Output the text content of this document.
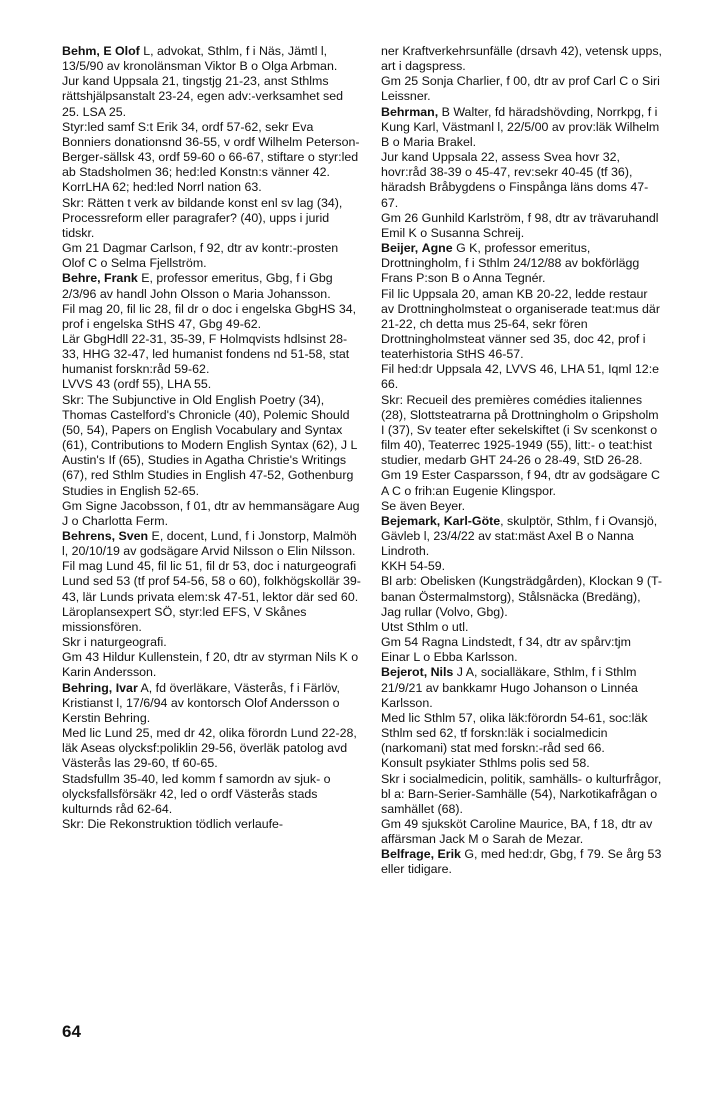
Behm, E Olof L, advokat, Sthlm, f i Näs, Jämtl l, 13/5/90 av kronolänsman Viktor B o Olga Arbman.

Jur kand Uppsala 21, tingstjg 21-23, anst Sthlms rättshjälpsanstalt 23-24, egen adv:-verksamhet sed 25. LSA 25.

Styr:led samf S:t Erik 34, ordf 57-62, sekr Eva Bonniers donationsnd 36-55, v ordf Wilhelm Peterson-Berger-sällsk 43, ordf 59-60 o 66-67, stiftare o styr:led ab Stadsholmen 36; hed:led Konstn:s vänner 42. KorrLHA 62; hed:led Norrl nation 63.

Skr: Rätten t verk av bildande konst enl sv lag (34), Processreform eller paragrafer? (40), upps i jurid tidskr.

Gm 21 Dagmar Carlson, f 92, dtr av kontr:-prosten Olof C o Selma Fjellström.

Behre, Frank E, professor emeritus, Gbg, f i Gbg 2/3/96 av handl John Olsson o Maria Johansson.

Fil mag 20, fil lic 28, fil dr o doc i engelska GbgHS 34, prof i engelska StHS 47, Gbg 49-62.

Lär GbgHdll 22-31, 35-39, F Holmqvists hdlsinst 28-33, HHG 32-47, led humanist fondens nd 51-58, stat humanist forskn:råd 59-62.

LVVS 43 (ordf 55), LHA 55.

Skr: The Subjunctive in Old English Poetry (34), Thomas Castelford's Chronicle (40), Polemic Should (50, 54), Papers on English Vocabulary and Syntax (61), Contributions to Modern English Syntax (62), J L Austin's If (65), Studies in Agatha Christie's Writings (67), red Sthlm Studies in English 47-52, Gothenburg Studies in English 52-65.

Gm Signe Jacobsson, f 01, dtr av hemmansägare Aug J o Charlotta Ferm.

Behrens, Sven E, docent, Lund, f i Jonstorp, Malmöh l, 20/10/19 av godsägare Arvid Nilsson o Elin Nilsson.

Fil mag Lund 45, fil lic 51, fil dr 53, doc i naturgeografi Lund sed 53 (tf prof 54-56, 58 o 60), folkhögskollär 39-43, lär Lunds privata elem:sk 47-51, lektor där sed 60. Läroplansexpert SÖ, styr:led EFS, V Skånes missionsfören.

Skr i naturgeografi.

Gm 43 Hildur Kullenstein, f 20, dtr av styrman Nils K o Karin Andersson.

Behring, Ivar A, fd överläkare, Västerås, f i Färlöv, Kristianst l, 17/6/94 av kontorsch Olof Andersson o Kerstin Behring.

Med lic Lund 25, med dr 42, olika förordn Lund 22-28, läk Aseas olycksf:poliklin 29-56, överläk patolog avd Västerås las 29-60, tf 60-65.

Stadsfullm 35-40, led komm f samordn av sjuk- o olycksfallsförsäkr 42, led o ordf Västerås stads kulturnds råd 62-64.

Skr: Die Rekonstruktion tödlich verlaufe-

ner Kraftverkehrsunfälle (drsavh 42), vetensk upps, art i dagspress.

Gm 25 Sonja Charlier, f 00, dtr av prof Carl C o Siri Leissner.

Behrman, B Walter, fd häradshövding, Norrkpg, f i Kung Karl, Västmanl l, 22/5/00 av prov:läk Wilhelm B o Maria Brakel.

Jur kand Uppsala 22, assess Svea hovr 32, hovr:råd 38-39 o 45-47, rev:sekr 40-45 (tf 36), häradsh Bråbygdens o Finspånga läns doms 47-67.

Gm 26 Gunhild Karlström, f 98, dtr av trävaruhandl Emil K o Susanna Schreij.

Beijer, Agne G K, professor emeritus, Drottningholm, f i Sthlm 24/12/88 av bokförlägg Frans P:son B o Anna Tegnér.

Fil lic Uppsala 20, aman KB 20-22, ledde restaur av Drottningholmsteat o organiserade teat:mus där 21-22, ch detta mus 25-64, sekr fören Drottningholmsteat vänner sed 35, doc 42, prof i teaterhistoria StHS 46-57.

Fil hed:dr Uppsala 42, LVVS 46, LHA 51, Iqml 12:e 66.

Skr: Recueil des premières comédies italiennes (28), Slottsteatrarna på Drottningholm o Gripsholm I (37), Sv teater efter sekelskiftet (i Sv scenkonst o film 40), Teaterrec 1925-1949 (55), litt:- o teat:hist studier, medarb GHT 24-26 o 28-49, StD 26-28.

Gm 19 Ester Casparsson, f 94, dtr av godsägare C A C o frih:an Eugenie Klingspor.

Se även Beyer.

Bejemark, Karl-Göte, skulptör, Sthlm, f i Ovansjö, Gävleb l, 23/4/22 av stat:mäst Axel B o Nanna Lindroth.

KKH 54-59.

Bl arb: Obelisken (Kungsträdgården), Klockan 9 (T-banan Östermalmstorg), Stålsnäcka (Bredäng), Jag rullar (Volvo, Gbg).

Utst Sthlm o utl.

Gm 54 Ragna Lindstedt, f 34, dtr av spårv:tjm Einar L o Ebba Karlsson.

Bejerot, Nils J A, socialläkare, Sthlm, f i Sthlm 21/9/21 av bankkamr Hugo Johanson o Linnéa Karlsson.

Med lic Sthlm 57, olika läk:förordn 54-61, soc:läk Sthlm sed 62, tf forskn:läk i socialmedicin (narkomani) stat med forskn:-råd sed 66.

Konsult psykiater Sthlms polis sed 58.

Skr i socialmedicin, politik, samhälls- o kulturfrågor, bl a: Barn-Serier-Samhälle (54), Narkotikafrågan o samhället (68).

Gm 49 sjuksköt Caroline Maurice, BA, f 18, dtr av affärsman Jack M o Sarah de Mezar.

Belfrage, Erik G, med hed:dr, Gbg, f 79. Se årg 53 eller tidigare.

64
